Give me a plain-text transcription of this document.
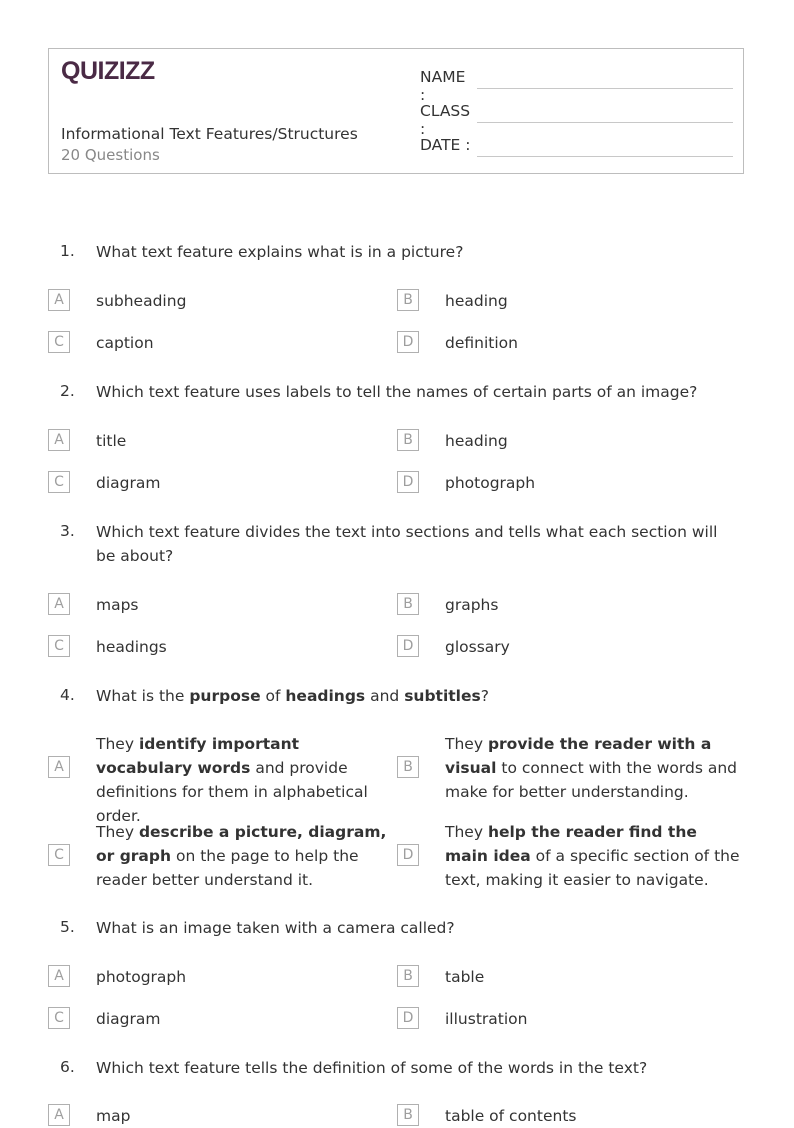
QUIZIZZ
Informational Text Features/Structures
20 Questions
NAME :
CLASS :
DATE :
1. What text feature explains what is in a picture?
A	subheading	B	heading
C	caption	D	definition
2. Which text feature uses labels to tell the names of certain parts of an image?
A	title	B	heading
C	diagram	D	photograph
3. Which text feature divides the text into sections and tells what each section will be about?
A	maps	B	graphs
C	headings	D	glossary
4. What is the purpose of headings and subtitles?
A
They identify important vocabulary words and provide definitions for them in alphabetical order.
B
They provide the reader with a visual to connect with the words and make for better understanding.
C
They describe a picture, diagram, or graph on the page to help the reader better understand it.
D
They help the reader find the main idea of a specific section of the text, making it easier to navigate.
5. What is an image taken with a camera called?
A	photograph	B	table
C	diagram	D	illustration
6. Which text feature tells the definition of some of the words in the text?
A	map	B	table of contents
